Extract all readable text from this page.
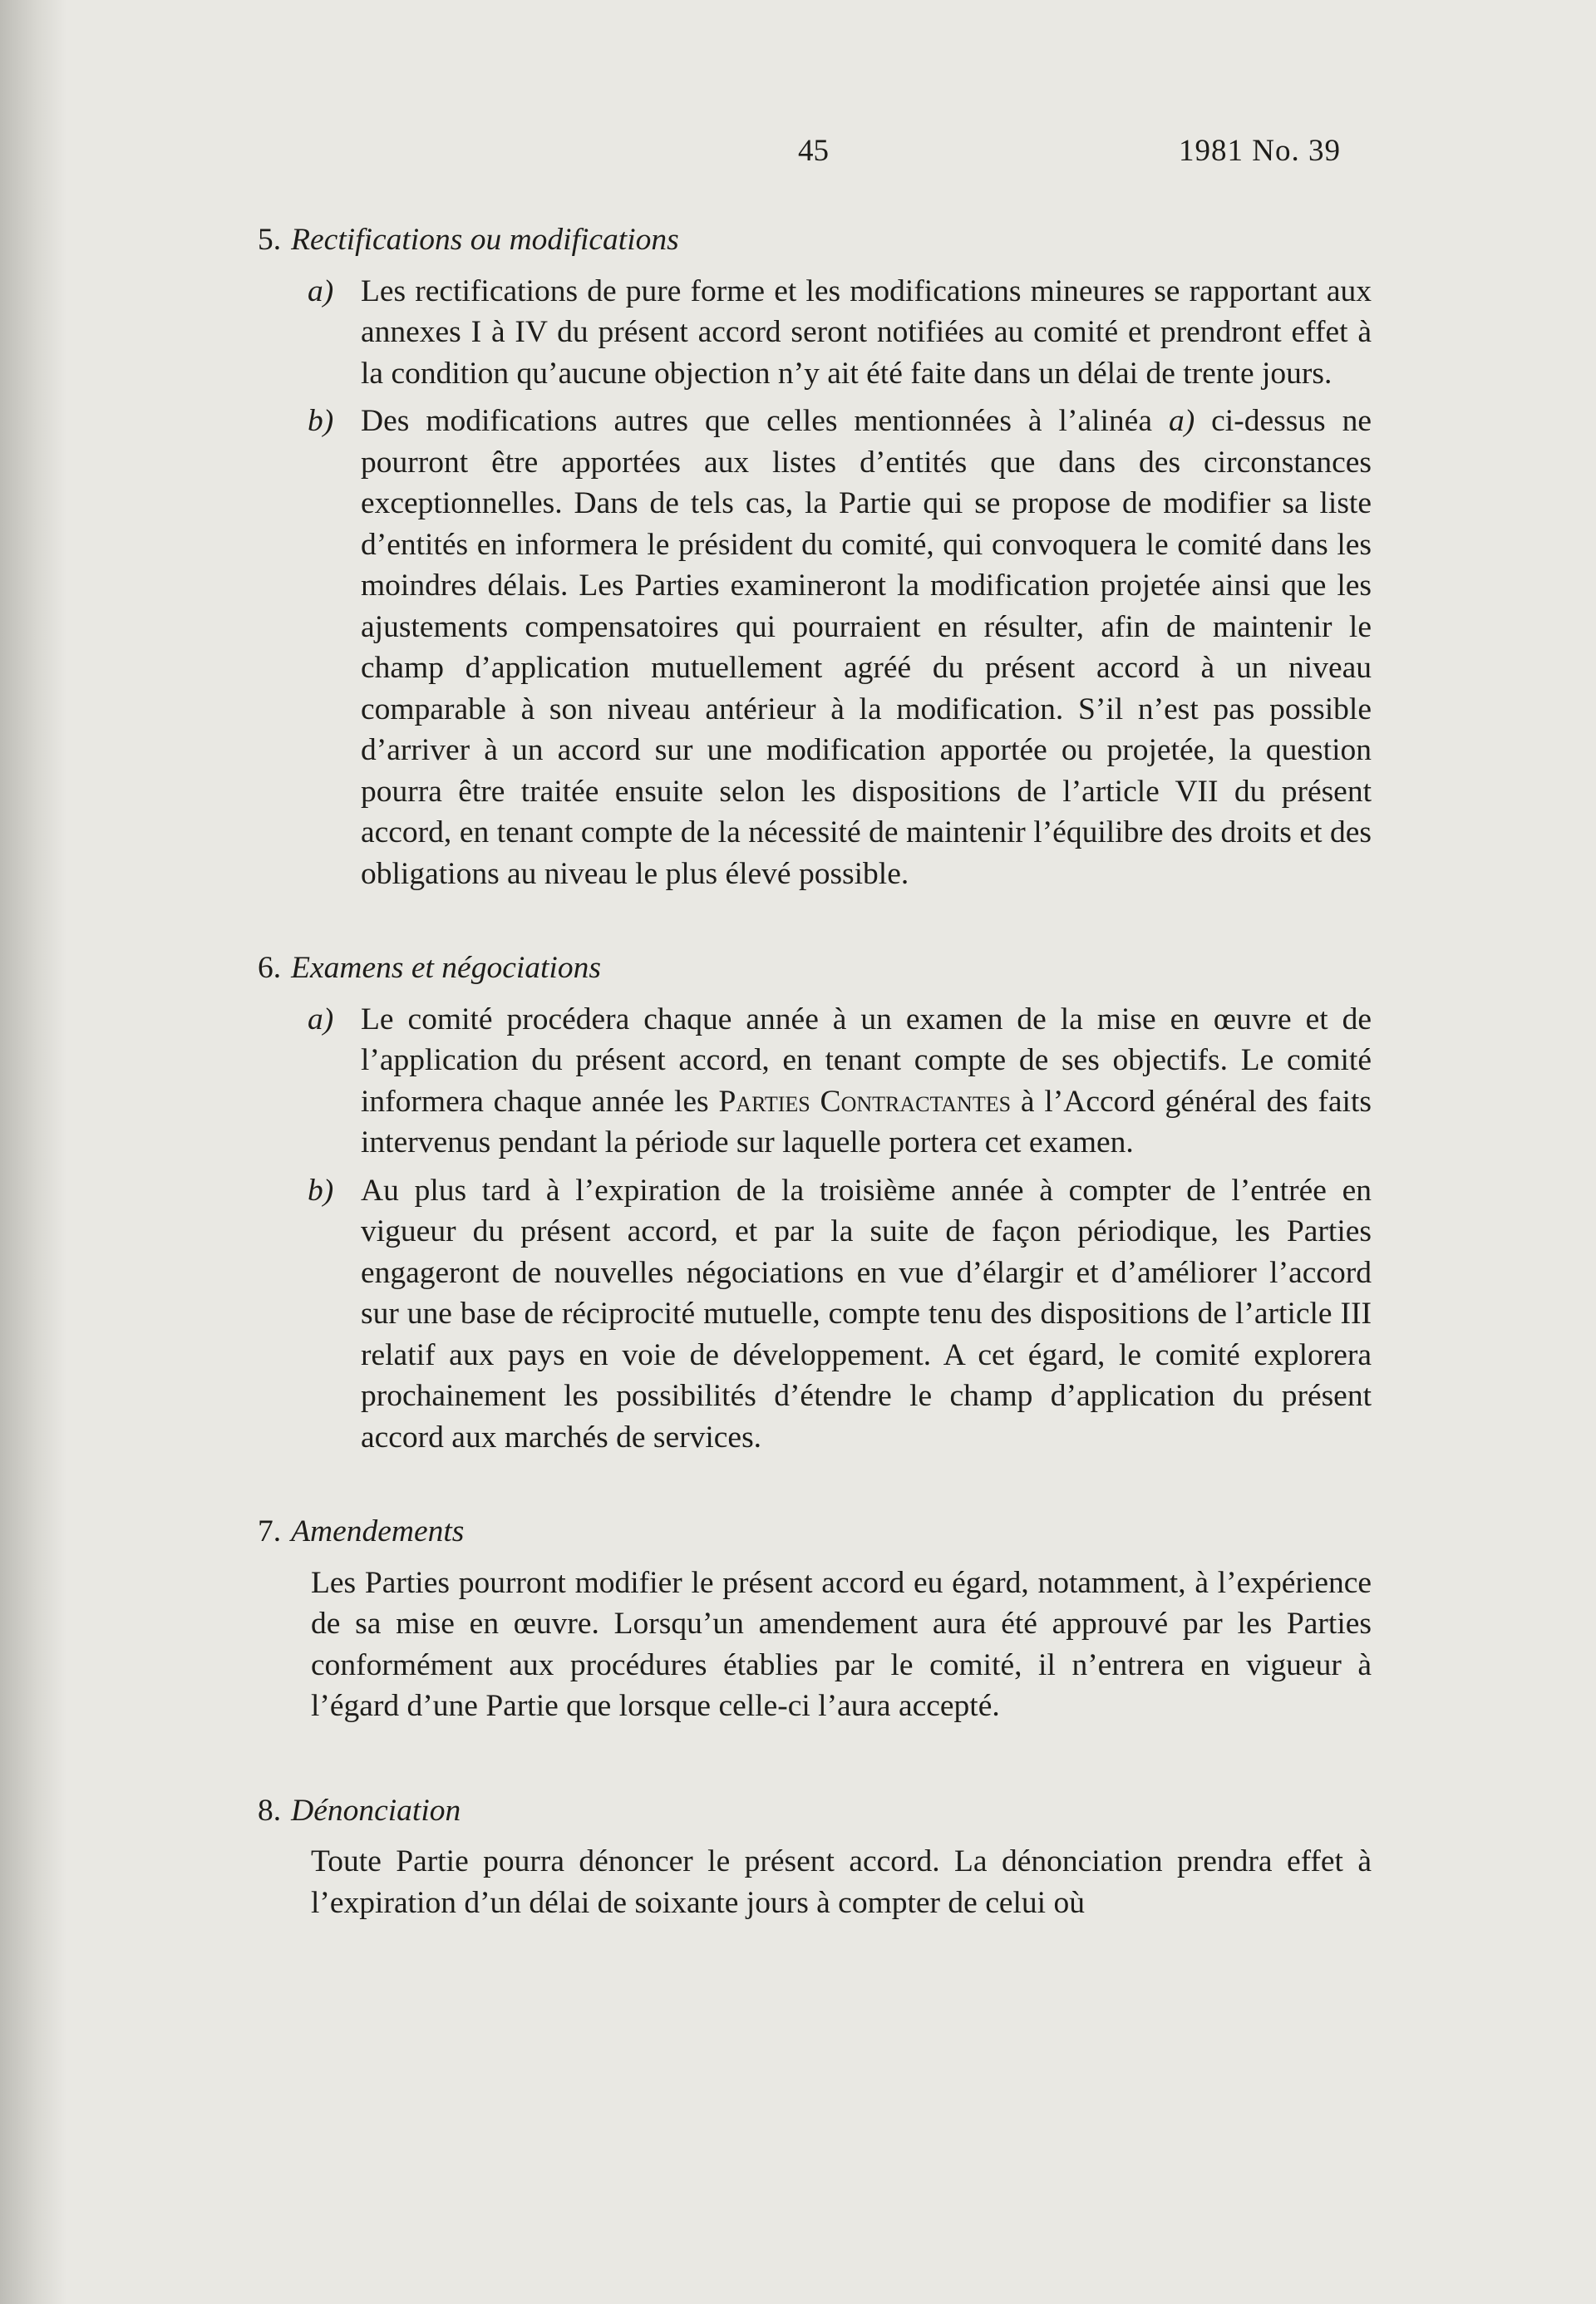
45	1981 No. 39
5. Rectifications ou modifications
a) Les rectifications de pure forme et les modifications mineures se rapportant aux annexes I à IV du présent accord seront notifiées au comité et prendront effet à la condition qu’aucune objection n’y ait été faite dans un délai de trente jours.
b) Des modifications autres que celles mentionnées à l’alinéa a) ci-dessus ne pourront être apportées aux listes d’entités que dans des circonstances exceptionnelles. Dans de tels cas, la Partie qui se propose de modifier sa liste d’entités en informera le président du comité, qui convoquera le comité dans les moindres délais. Les Parties examineront la modification projetée ainsi que les ajustements compensatoires qui pourraient en résulter, afin de maintenir le champ d’application mutuellement agréé du présent accord à un niveau comparable à son niveau antérieur à la modification. S’il n’est pas possible d’arriver à un accord sur une modification apportée ou projetée, la question pourra être traitée ensuite selon les dispositions de l’article VII du présent accord, en tenant compte de la nécessité de maintenir l’équilibre des droits et des obligations au niveau le plus élevé possible.
6. Examens et négociations
a) Le comité procédera chaque année à un examen de la mise en œuvre et de l’application du présent accord, en tenant compte de ses objectifs. Le comité informera chaque année les Parties Contractantes à l’Accord général des faits intervenus pendant la période sur laquelle portera cet examen.
b) Au plus tard à l’expiration de la troisième année à compter de l’entrée en vigueur du présent accord, et par la suite de façon périodique, les Parties engageront de nouvelles négociations en vue d’élargir et d’améliorer l’accord sur une base de réciprocité mutuelle, compte tenu des dispositions de l’article III relatif aux pays en voie de développement. A cet égard, le comité explorera prochainement les possibilités d’étendre le champ d’application du présent accord aux marchés de services.
7. Amendements
Les Parties pourront modifier le présent accord eu égard, notamment, à l’expérience de sa mise en œuvre. Lorsqu’un amendement aura été approuvé par les Parties conformément aux procédures établies par le comité, il n’entrera en vigueur à l’égard d’une Partie que lorsque celle-ci l’aura accepté.
8. Dénonciation
Toute Partie pourra dénoncer le présent accord. La dénonciation prendra effet à l’expiration d’un délai de soixante jours à compter de celui où
